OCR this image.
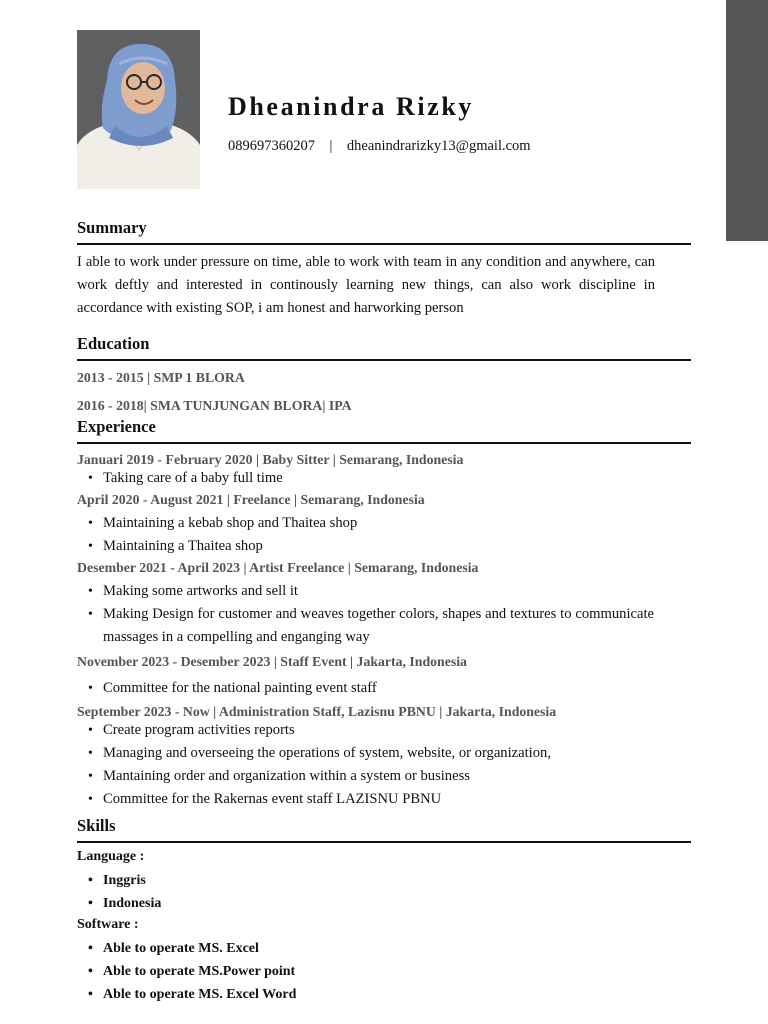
Dheanindra Rizky
089697360207    |    dheanindrarizky13@gmail.com
Summary
I able to work under pressure on time, able to work with team in any condition and anywhere, can work deftly and interested in continously learning new things, can also work discipline in accordance with existing SOP, i am honest and harworking person
Education
2013 - 2015 | SMP 1 BLORA
2016 - 2018| SMA TUNJUNGAN BLORA| IPA
Experience
Januari 2019 - February 2020 | Baby Sitter | Semarang, Indonesia
• Taking care of a baby full time
April 2020 - August 2021 | Freelance | Semarang, Indonesia
• Maintaining a kebab shop and Thaitea shop
• Maintaining a Thaitea shop
Desember 2021 - April 2023 | Artist Freelance | Semarang, Indonesia
• Making some artworks and sell it
• Making Design for customer and weaves together colors, shapes and textures to communicate massages in a compelling and enganging way
November 2023 - Desember 2023 | Staff Event | Jakarta, Indonesia
• Committee for the national painting event staff
September 2023 - Now | Administration Staff, Lazisnu PBNU | Jakarta, Indonesia
• Create program activities reports
• Managing and overseeing the operations of system, website, or organization,
• Mantaining order and organization within a system or business
• Committee for the Rakernas event staff LAZISNU PBNU
Skills
Language :
• Inggris
• Indonesia
Software :
• Able to operate MS. Excel
• Able to operate MS.Power point
• Able to operate MS. Excel Word
